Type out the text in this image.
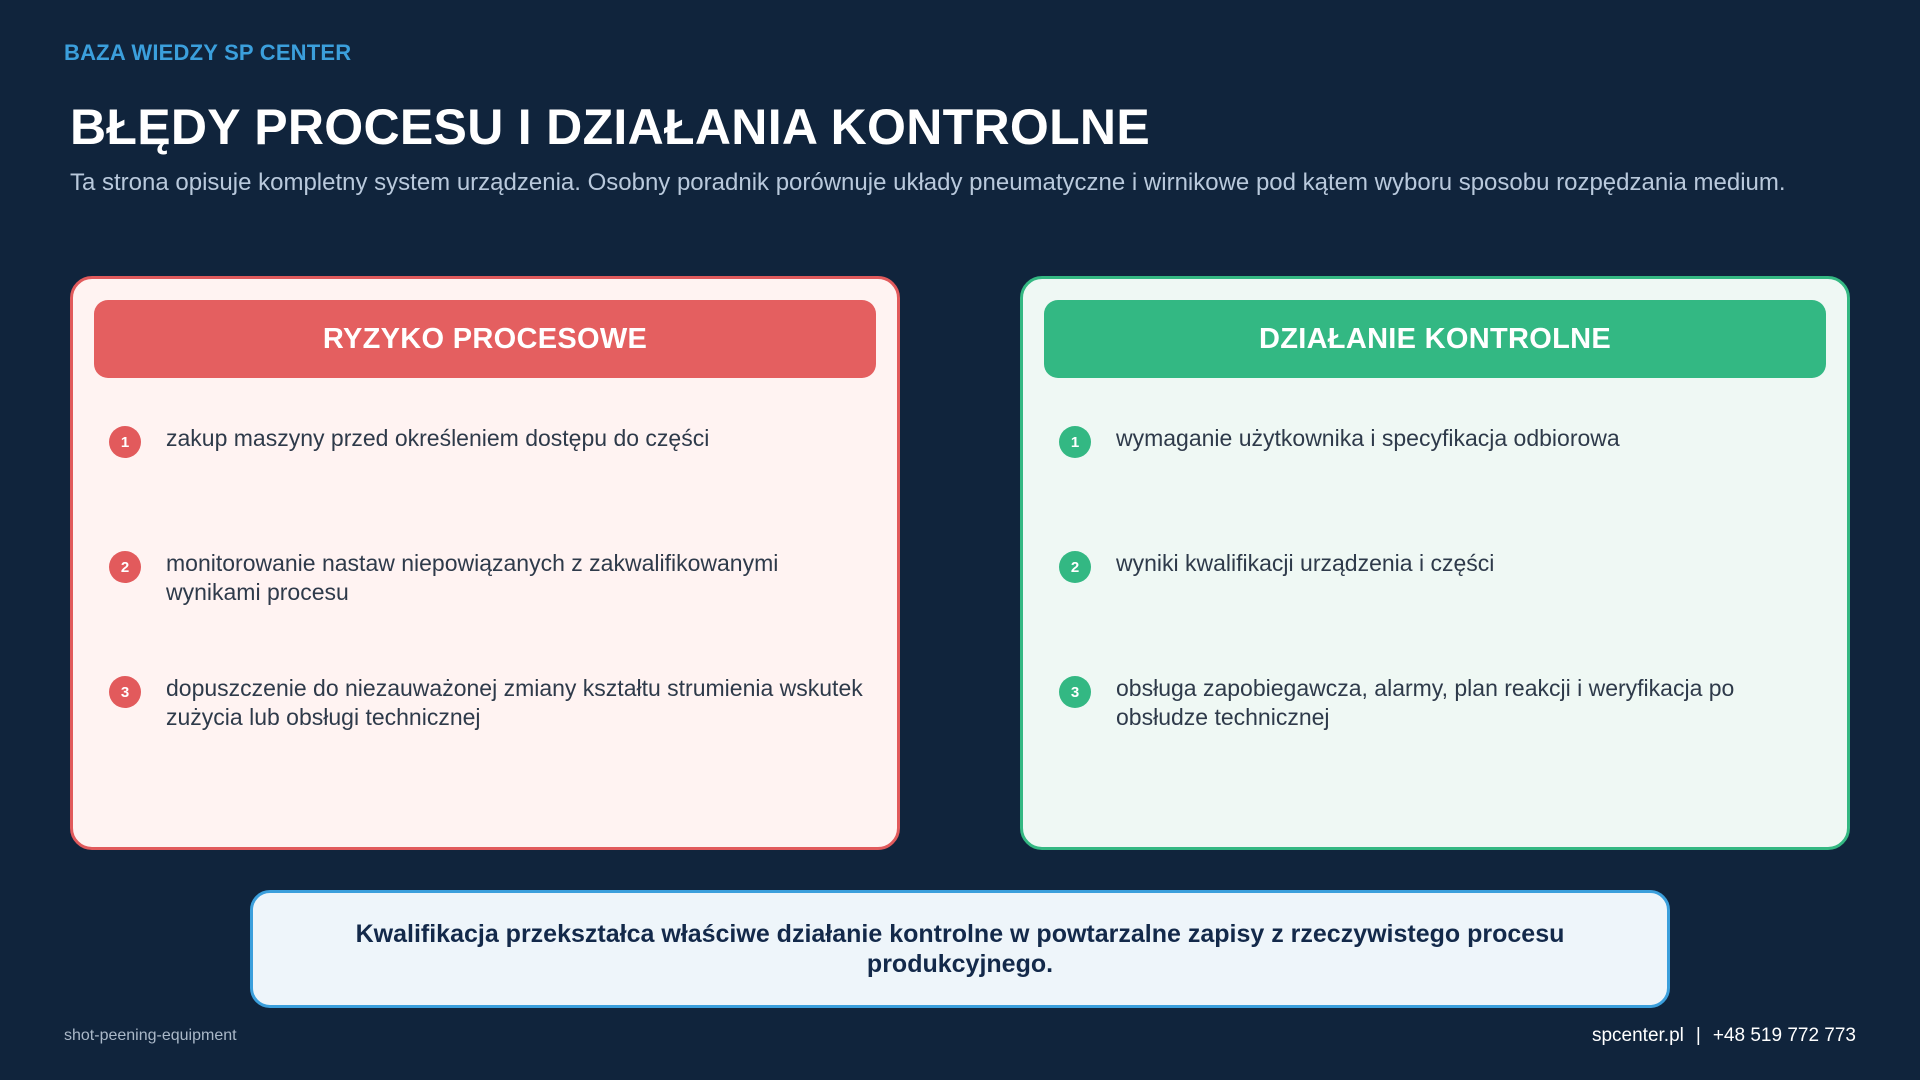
BAZA WIEDZY SP CENTER
BŁĘDY PROCESU I DZIAŁANIA KONTROLNE

Ta strona opisuje kompletny system urządzenia. Osobny poradnik porównuje układy pneumatyczne i wirnikowe pod kątem wyboru sposobu rozpędzania medium.

RYZYKO PROCESOWE
1	zakup maszyny przed określeniem dostępu do części
2	monitorowanie nastaw niepowiązanych z zakwalifikowanymi wynikami procesu
3	dopuszczenie do niezauważonej zmiany kształtu strumienia wskutek zużycia lub obsługi technicznej
DZIAŁANIE KONTROLNE
1	wymaganie użytkownika i specyfikacja odbiorowa
2	wyniki kwalifikacji urządzenia i części
3	obsługa zapobiegawcza, alarmy, plan reakcji i weryfikacja po obsłudze technicznej
Kwalifikacja przekształca właściwe działanie kontrolne w powtarzalne zapisy z rzeczywistego procesu produkcyjnego.
shot-peening-equipment	spcenter.pl | +48 519 772 773
